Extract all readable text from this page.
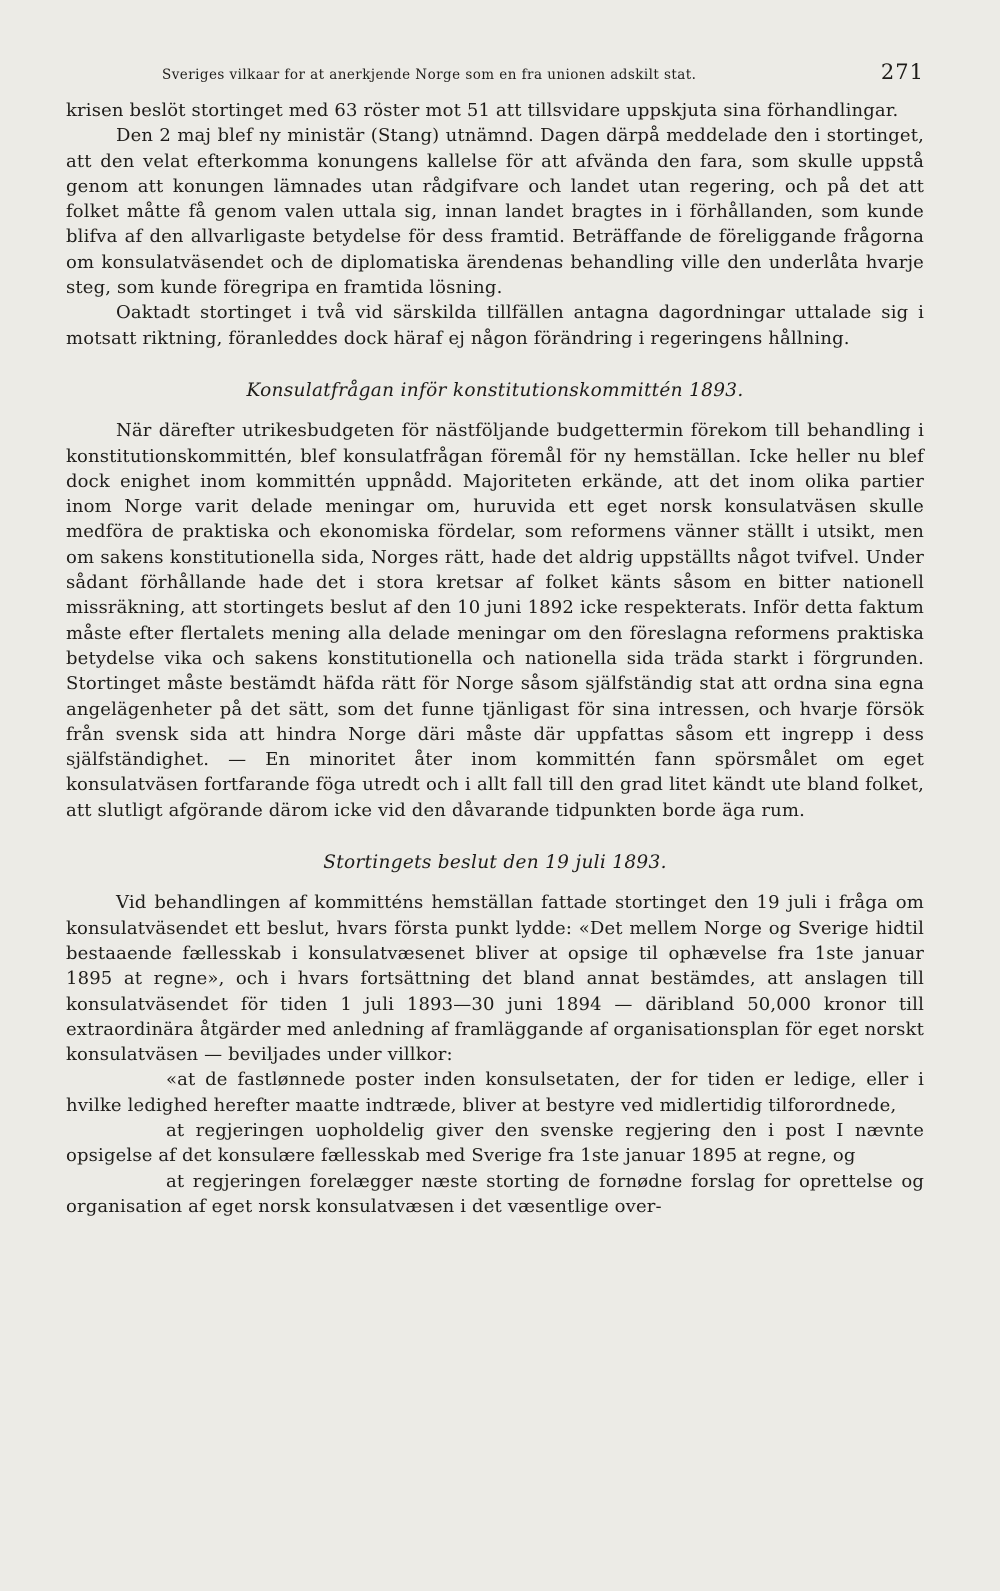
Sveriges vilkaar for at anerkjende Norge som en fra unionen adskilt stat.	271

krisen beslöt stortinget med 63 röster mot 51 att tillsvidare uppskjuta sina förhandlingar.

Den 2 maj blef ny ministär (Stang) utnämnd. Dagen därpå meddelade den i stortinget, att den velat efterkomma konungens kallelse för att afvända den fara, som skulle uppstå genom att konungen lämnades utan rådgifvare och landet utan regering, och på det att folket måtte få genom valen uttala sig, innan landet bragtes in i förhållanden, som kunde blifva af den allvarligaste betydelse för dess framtid. Beträffande de föreliggande frågorna om konsulatväsendet och de diplomatiska ärendenas behandling ville den underlåta hvarje steg, som kunde föregripa en framtida lösning.

Oaktadt stortinget i två vid särskilda tillfällen antagna dagordningar uttalade sig i motsatt riktning, föranleddes dock häraf ej någon förändring i regeringens hållning.

Konsulatfrågan inför konstitutionskommittén 1893.

När därefter utrikesbudgeten för nästföljande budgettermin förekom till behandling i konstitutionskommittén, blef konsulatfrågan föremål för ny hemställan. Icke heller nu blef dock enighet inom kommittén uppnådd. Majoriteten erkände, att det inom olika partier inom Norge varit delade meningar om, huruvida ett eget norsk konsulatväsen skulle medföra de praktiska och ekonomiska fördelar, som reformens vänner ställt i utsikt, men om sakens konstitutionella sida, Norges rätt, hade det aldrig uppställts något tvifvel. Under sådant förhållande hade det i stora kretsar af folket känts såsom en bitter nationell missräkning, att stortingets beslut af den 10 juni 1892 icke respekterats. Inför detta faktum måste efter flertalets mening alla delade meningar om den föreslagna reformens praktiska betydelse vika och sakens konstitutionella och nationella sida träda starkt i förgrunden. Stortinget måste bestämdt häfda rätt för Norge såsom själfständig stat att ordna sina egna angelägenheter på det sätt, som det funne tjänligast för sina intressen, och hvarje försök från svensk sida att hindra Norge däri måste där uppfattas såsom ett ingrepp i dess själfständighet. — En minoritet åter inom kommittén fann spörsmålet om eget konsulatväsen fortfarande föga utredt och i allt fall till den grad litet kändt ute bland folket, att slutligt afgörande därom icke vid den dåvarande tidpunkten borde äga rum.

Stortingets beslut den 19 juli 1893.

Vid behandlingen af kommitténs hemställan fattade stortinget den 19 juli i fråga om konsulatväsendet ett beslut, hvars första punkt lydde: «Det mellem Norge og Sverige hidtil bestaaende fællesskab i konsulatvæsenet bliver at opsige til ophævelse fra 1ste januar 1895 at regne», och i hvars fortsättning det bland annat bestämdes, att anslagen till konsulatväsendet för tiden 1 juli 1893—30 juni 1894 — däribland 50,000 kronor till extraordinära åtgärder med anledning af framläggande af organisationsplan för eget norskt konsulatväsen — beviljades under villkor:

«at de fastlønnede poster inden konsulsetaten, der for tiden er ledige, eller i hvilke ledighed herefter maatte indtræde, bliver at bestyre ved midlertidig tilforordnede,

at regjeringen uopholdelig giver den svenske regjering den i post I nævnte opsigelse af det konsulære fællesskab med Sverige fra 1ste januar 1895 at regne, og

at regjeringen forelægger næste storting de fornødne forslag for oprettelse og organisation af eget norsk konsulatvæsen i det væsentlige over-
